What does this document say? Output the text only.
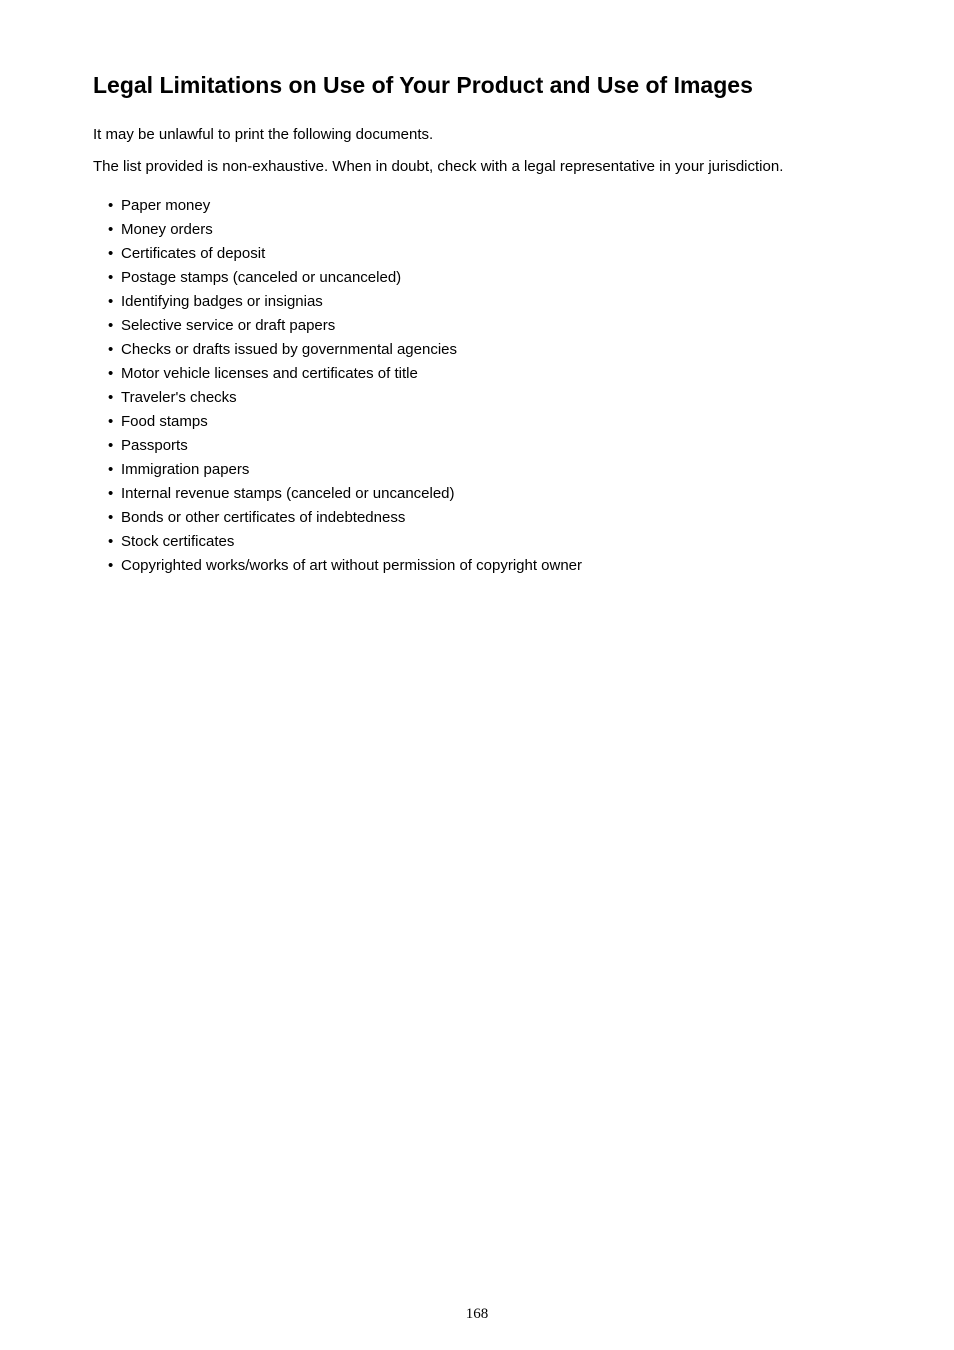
Legal Limitations on Use of Your Product and Use of Images

It may be unlawful to print the following documents.

The list provided is non-exhaustive. When in doubt, check with a legal representative in your jurisdiction.

• Paper money
• Money orders
• Certificates of deposit
• Postage stamps (canceled or uncanceled)
• Identifying badges or insignias
• Selective service or draft papers
• Checks or drafts issued by governmental agencies
• Motor vehicle licenses and certificates of title
• Traveler's checks
• Food stamps
• Passports
• Immigration papers
• Internal revenue stamps (canceled or uncanceled)
• Bonds or other certificates of indebtedness
• Stock certificates
• Copyrighted works/works of art without permission of copyright owner
168
